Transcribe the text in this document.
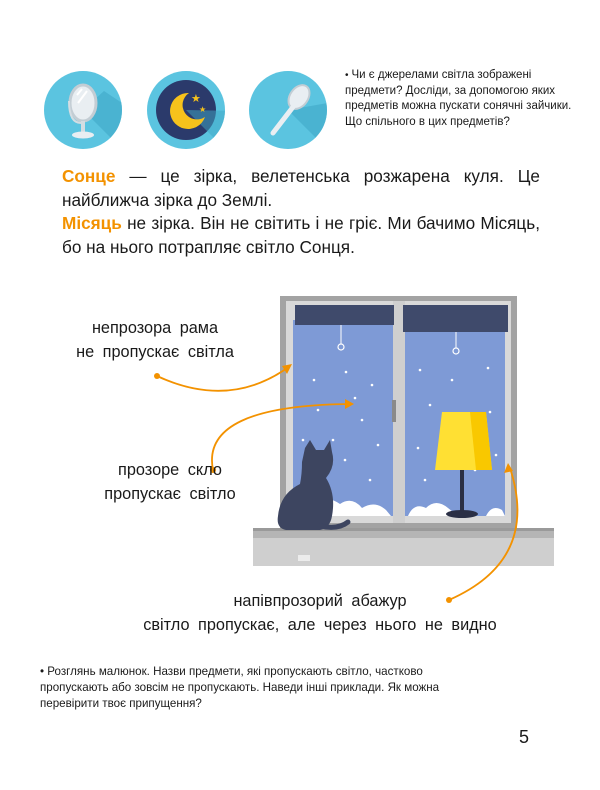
★
★
• Чи є джерелами світла зображені предмети? Досліди, за допомогою яких предметів можна пускати сонячні зайчики. Що спільного в цих предметів?
Сонце — це зірка, велетенська розжарена куля. Це найближча зірка до Землі.
Місяць не зірка. Він не світить і не гріє. Ми бачимо Місяць, бо на нього потрапляє світло Сонця.
непрозора рама
не пропускає світла
прозоре скло
пропускає світло
напівпрозорий абажур
світло пропускає, але через нього не видно
• Розглянь малюнок. Назви предмети, які пропускають світло, частково пропускають або зовсім не пропускають. Наведи інші приклади. Як можна перевірити твоє припущення?
5
